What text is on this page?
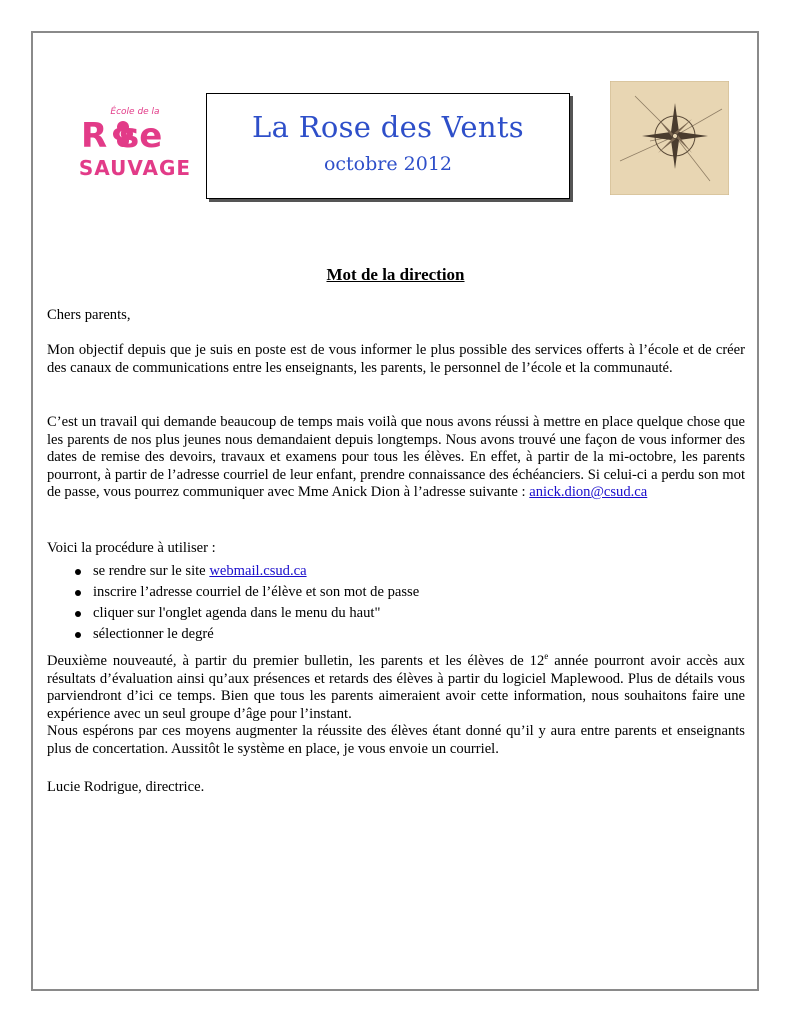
École de la
R se
SAUVAGE
La Rose des Vents
octobre 2012
Mot de la direction

Chers parents,

Mon objectif depuis que je suis en poste est de vous informer le plus possible des services offerts à l’école et de créer des canaux de communications entre les enseignants, les parents, le personnel de l’école et la communauté.

C’est un travail qui demande beaucoup de temps mais voilà que nous avons réussi à mettre en place quelque chose que les parents de nos plus jeunes nous demandaient depuis longtemps. Nous avons trouvé une façon de vous informer des dates de remise des devoirs, travaux et examens pour tous les élèves. En effet, à partir de la mi-octobre, les parents pourront, à partir de l’adresse courriel de leur enfant, prendre connaissance des échéanciers. Si celui-ci a perdu son mot de passe, vous pourrez communiquer avec Mme Anick Dion à l’adresse suivante : anick.dion@csud.ca

Voici la procédure à utiliser :

se rendre sur le site webmail.csud.ca
inscrire l’adresse courriel de l’élève et son mot de passe
cliquer sur l'onglet agenda dans le menu du haut"
sélectionner le degré

Deuxième nouveauté, à partir du premier bulletin, les parents et les élèves de 12e année pourront avoir accès aux résultats d’évaluation ainsi qu’aux présences et retards des élèves à partir du logiciel Maplewood. Plus de détails vous parviendront d’ici ce temps. Bien que tous les parents aimeraient avoir cette information, nous souhaitons faire une expérience avec un seul groupe d’âge pour l’instant.

Nous espérons par ces moyens augmenter la réussite des élèves étant donné qu’il y aura entre parents et enseignants plus de concertation. Aussitôt le système en place, je vous envoie un courriel.

Lucie Rodrigue, directrice.
